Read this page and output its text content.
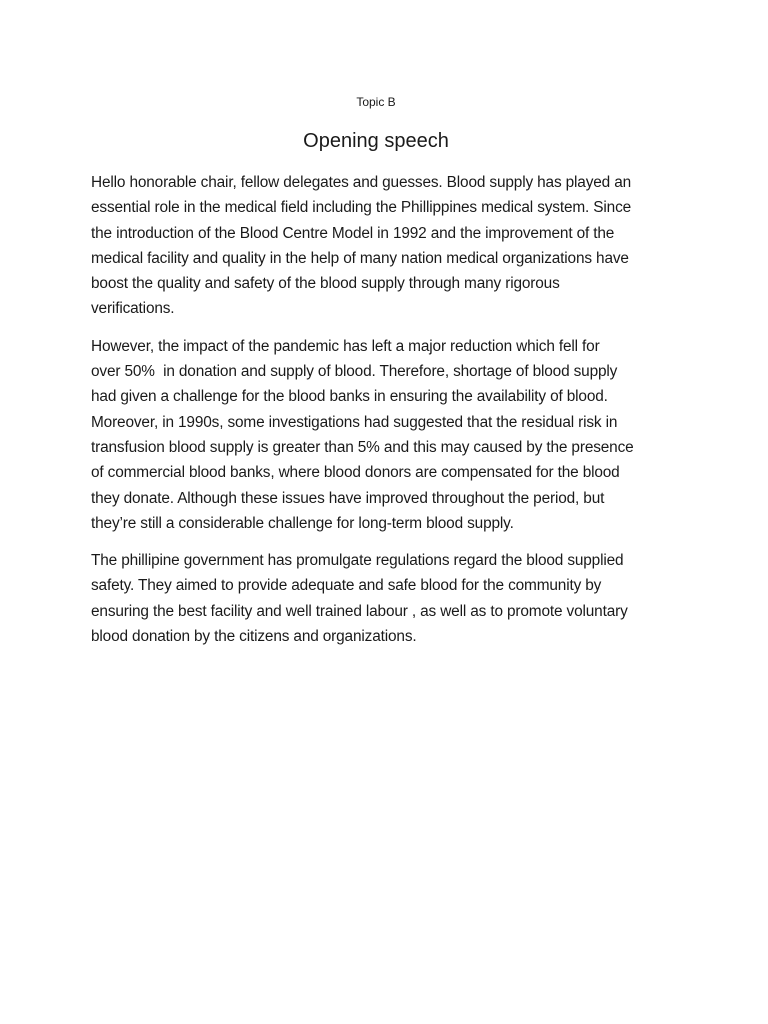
Topic B
Opening speech

Hello honorable chair, fellow delegates and guesses. Blood supply has played an
essential role in the medical field including the Phillippines medical system. Since
the introduction of the Blood Centre Model in 1992 and the improvement of the
medical facility and quality in the help of many nation medical organizations have
boost the quality and safety of the blood supply through many rigorous
verifications.

However, the impact of the pandemic has left a major reduction which fell for
over 50%  in donation and supply of blood. Therefore, shortage of blood supply
had given a challenge for the blood banks in ensuring the availability of blood.
Moreover, in 1990s, some investigations had suggested that the residual risk in
transfusion blood supply is greater than 5% and this may caused by the presence
of commercial blood banks, where blood donors are compensated for the blood
they donate. Although these issues have improved throughout the period, but
they’re still a considerable challenge for long-term blood supply.

The phillipine government has promulgate regulations regard the blood supplied
safety. They aimed to provide adequate and safe blood for the community by
ensuring the best facility and well trained labour , as well as to promote voluntary
blood donation by the citizens and organizations.
